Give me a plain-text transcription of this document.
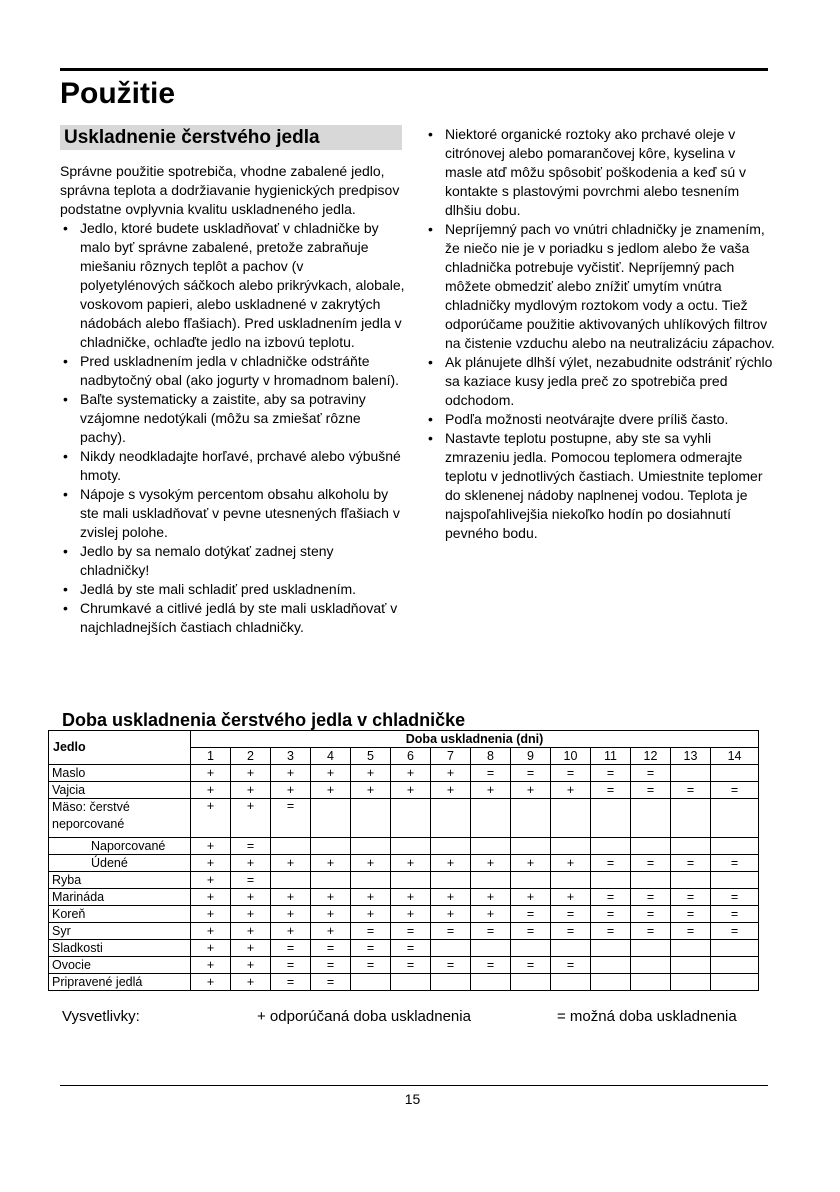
Použitie
Uskladnenie čerstvého jedla

Správne použitie spotrebiča, vhodne zabalené jedlo, správna teplota a dodržiavanie hygienických predpisov podstatne ovplyvnia kvalitu uskladneného jedla.

• Jedlo, ktoré budete uskladňovať v chladničke by malo byť správne zabalené, pretože zabraňuje miešaniu rôznych teplôt a pachov (v polyetylénových sáčkoch alebo prikrývkach, alobale, voskovom papieri, alebo uskladnené v zakrytých nádobách alebo fľašiach). Pred uskladnením jedla v chladničke, ochlaďte jedlo na izbovú teplotu.
• Pred uskladnením jedla v chladničke odstráňte nadbytočný obal (ako jogurty v hromadnom balení).
• Baľte systematicky a zaistite, aby sa potraviny vzájomne nedotýkali (môžu sa zmiešať rôzne pachy).
• Nikdy neodkladajte horľavé, prchavé alebo výbušné hmoty.
• Nápoje s vysokým percentom obsahu alkoholu by ste mali uskladňovať v pevne utesnených fľašiach v zvislej polohe.
• Jedlo by sa nemalo dotýkať zadnej steny chladničky!
• Jedlá by ste mali schladiť pred uskladnením.
• Chrumkavé a citlivé jedlá by ste mali uskladňovať v najchladnejších častiach chladničky.
• Niektoré organické roztoky ako prchavé oleje v citrónovej alebo pomarančovej kôre, kyselina v masle atď môžu spôsobiť poškodenia a keď sú v kontakte s plastovými povrchmi alebo tesnením dlhšiu dobu.
• Nepríjemný pach vo vnútri chladničky je znamením, že niečo nie je v poriadku s jedlom alebo že vaša chladnička potrebuje vyčistiť. Nepríjemný pach môžete obmedziť alebo znížiť umytím vnútra chladničky mydlovým roztokom vody a octu. Tiež odporúčame použitie aktivovaných uhlíkových filtrov na čistenie vzduchu alebo na neutralizáciu zápachov.
• Ak plánujete dlhší výlet, nezabudnite odstrániť rýchlo sa kaziace kusy jedla preč zo spotrebiča pred odchodom.
• Podľa možnosti neotvárajte dvere príliš často.
• Nastavte teplotu postupne, aby ste sa vyhli zmrazeniu jedla. Pomocou teplomera odmerajte teplotu v jednotlivých častiach. Umiestnite teplomer do sklenenej nádoby naplnenej vodou. Teplota je najspoľahlivejšia niekoľko hodín po dosiahnutí pevného bodu.
Doba uskladnenia čerstvého jedla v chladničke
Jedlo	Doba uskladnenia (dni)													
	1	2	3	4	5	6	7	8	9	10	11	12	13	14
Maslo	+	+	+	+	+	+	+	=	=	=	=	=		
Vajcia	+	+	+	+	+	+	+	+	+	+	=	=	=	=
Mäso: čerstvé neporcované	+	+	=											
Naporcované	+	=												
Údené	+	+	+	+	+	+	+	+	+	+	=	=	=	=
Ryba	+	=												
Marináda	+	+	+	+	+	+	+	+	+	+	=	=	=	=
Koreň	+	+	+	+	+	+	+	+	=	=	=	=	=	=
Syr	+	+	+	+	=	=	=	=	=	=	=	=	=	=
Sladkosti	+	+	=	=	=	=								
Ovocie	+	+	=	=	=	=	=	=	=	=				
Pripravené jedlá	+	+	=	=										
Vysvetlivky:	+ odporúčaná doba uskladnenia	= možná doba uskladnenia
15
